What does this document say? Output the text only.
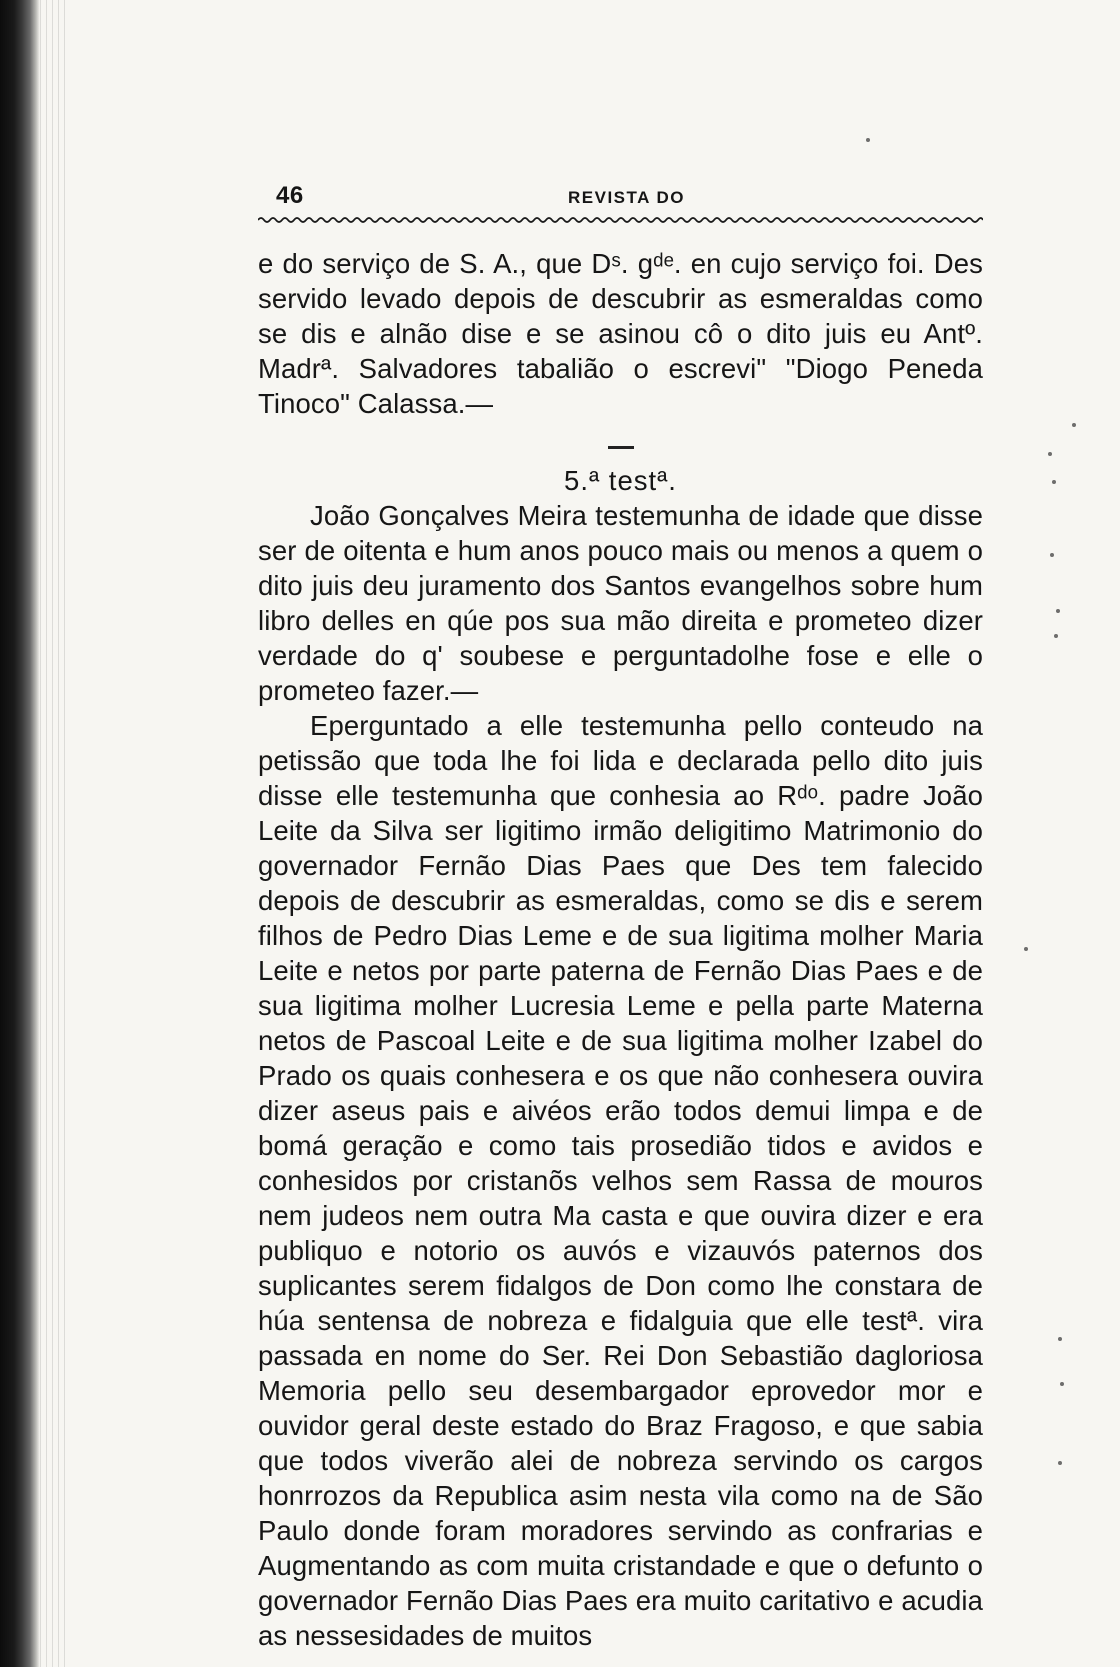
46	REVISTA DO

e do serviço de S. A., que Dˢ. gᵈᵉ. en cujo serviço foi. Des servido levado depois de descubrir as esmeraldas como se dis e alnão dise e se asinou cô o dito juis eu Antº. Madrª. Salvadores tabalião o escrevi" "Diogo Peneda Tinoco" Calassa.—

5.ª testª.

João Gonçalves Meira testemunha de idade que disse ser de oitenta e hum anos pouco mais ou menos a quem o dito juis deu juramento dos Santos evangelhos sobre hum libro delles en qúe pos sua mão direita e prometeo dizer verdade do q' soubese e perguntadolhe fose e elle o prometeo fazer.—

Eperguntado a elle testemunha pello conteudo na petissão que toda lhe foi lida e declarada pello dito juis disse elle testemunha que conhesia ao Rᵈᵒ. padre João Leite da Silva ser ligitimo irmão deligitimo Matrimonio do governador Fernão Dias Paes que Des tem falecido depois de descubrir as esmeraldas, como se dis e serem filhos de Pedro Dias Leme e de sua ligitima molher Maria Leite e netos por parte paterna de Fernão Dias Paes e de sua ligitima molher Lucresia Leme e pella parte Materna netos de Pascoal Leite e de sua ligitima molher Izabel do Prado os quais conhesera e os que não conhesera ouvira dizer aseus pais e aivéos erão todos demui limpa e de bomá geração e como tais prosedião tidos e avidos e conhesidos por cristanõs velhos sem Rassa de mouros nem judeos nem outra Ma casta e que ouvira dizer e era publiquo e notorio os auvós e vizauvós paternos dos suplicantes serem fidalgos de Don como lhe constara de húa sentensa de nobreza e fidalguia que elle testª. vira passada en nome do Ser. Rei Don Sebastião dagloriosa Memoria pello seu desembargador eprovedor mor e ouvidor geral deste estado do Braz Fragoso, e que sabia que todos viverão alei de nobreza servindo os cargos honrrozos da Republica asim nesta vila como na de São Paulo donde foram moradores servindo as confrarias e Augmentando as com muita cristandade e que o defunto o governador Fernão Dias Paes era muito caritativo e acudia as nessesidades de muitos
